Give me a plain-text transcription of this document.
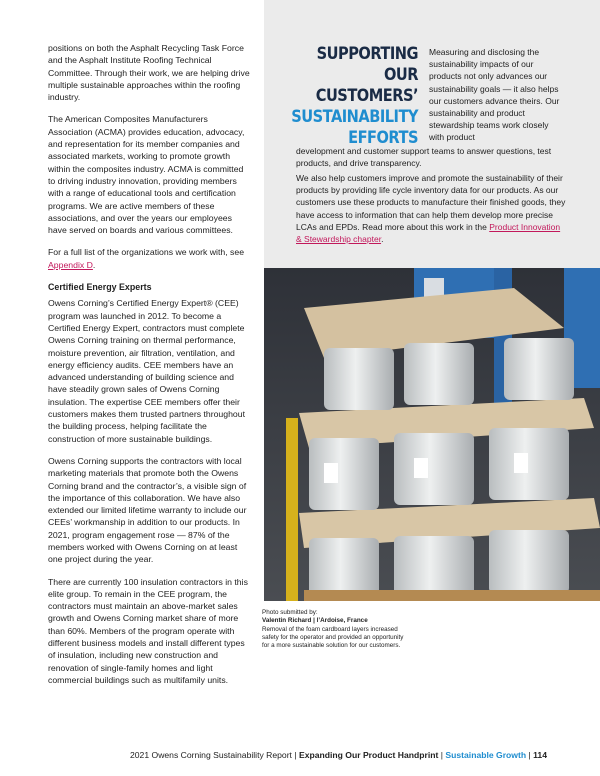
positions on both the Asphalt Recycling Task Force and the Asphalt Institute Roofing Technical Committee. Through their work, we are helping drive multiple sustainable approaches within the roofing industry.

The American Composites Manufacturers Association (ACMA) provides education, advocacy, and representation for its member companies and associated markets, working to promote growth within the composites industry. ACMA is committed to driving industry innovation, providing members with a range of educational tools and certification programs. We are active members of these associations, and over the years our employees have served on boards and various committees.

For a full list of the organizations we work with, see Appendix D.

Certified Energy Experts

Owens Corning’s Certified Energy Expert® (CEE) program was launched in 2012. To become a Certified Energy Expert, contractors must complete Owens Corning training on thermal performance, moisture prevention, air filtration, ventilation, and energy efficiency audits. CEE members have an advanced understanding of building science and have steadily grown sales of Owens Corning insulation. The expertise CEE members offer their customers makes them trusted partners throughout the building process, helping facilitate the construction of more sustainable buildings.

Owens Corning supports the contractors with local marketing materials that promote both the Owens Corning brand and the contractor’s, a visible sign of the importance of this collaboration. We have also extended our limited lifetime warranty to include our CEEs’ workmanship in addition to our products. In 2021, program engagement rose — 87% of the members worked with Owens Corning on at least one project during the year.

There are currently 100 insulation contractors in this elite group. To remain in the CEE program, the contractors must maintain an above-market sales growth and Owens Corning market share of more than 60%. Members of the program operate with different business models and install different types of insulation, including new construction and renovation of single-family homes and light commercial buildings such as multifamily units.

SUPPORTING OUR
CUSTOMERS’
SUSTAINABILITY
EFFORTS
Measuring and disclosing the sustainability impacts of our products not only advances our sustainability goals — it also helps our customers advance theirs. Our sustainability and product stewardship teams work closely with product
development and customer support teams to answer questions, test products, and drive transparency.
We also help customers improve and promote the sustainability of their products by providing life cycle inventory data for our products. As our customers use these products to manufacture their finished goods, they have access to information that can help them develop more precise LCAs and EPDs. Read more about this work in the Product Innovation & Stewardship chapter.
Photo submitted by:
Valentin Richard | l’Ardoise, France
Removal of the foam cardboard layers increased safety for the operator and provided an opportunity for a more sustainable solution for our customers.
2021 Owens Corning Sustainability Report | Expanding Our Product Handprint | Sustainable Growth | 114
